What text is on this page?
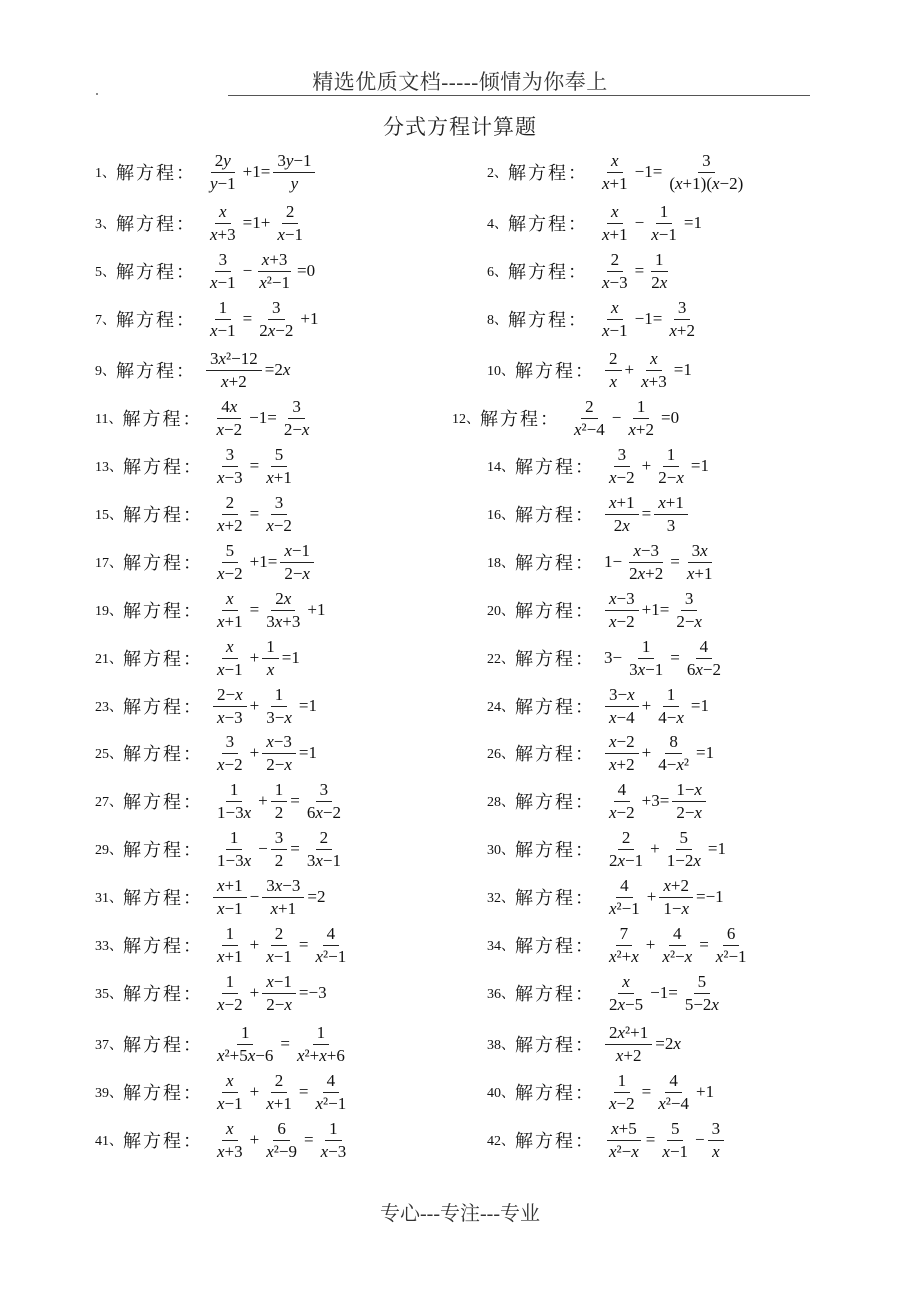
精选优质文档-----倾情为你奉上
分式方程计算题
1、 解方程： $\frac{2y}{y-1} +1= \frac{3y-1}{y}$	2、 解方程： $\frac{x}{x+1} -1= \frac{3}{(x+1)(x-2)}$
3、 解方程： $\frac{x}{x+3} =1+ \frac{2}{x-1}$	4、 解方程： $\frac{x}{x+1} - \frac{1}{x-1} =1$
5、 解方程： $\frac{3}{x-1} - \frac{x+3}{\text{x²−1}} =0$	6、 解方程： $\frac{2}{x-3} = \frac{1}{2x}$
7、 解方程： $\frac{1}{x-1} = \frac{3}{2x-2} +1$	8、 解方程： $\frac{x}{x-1} -1= \frac{3}{x+2}$
9、 解方程： $\frac{\text{3x²−12}}{x+2} =2x$	10、 解方程： $\frac{2}{x} + \frac{x}{x+3} =1$
11、 解方程： $\frac{4x}{x-2} -1= \frac{3}{2-x}$	12、 解方程： $\frac{2}{\text{x²−4}} - \frac{1}{x+2} =0$
13、 解方程： $\frac{3}{x-3} = \frac{5}{x+1}$	14、 解方程： $\frac{3}{x-2} + \frac{1}{2-x} =1$
15、 解方程： $\frac{2}{x+2} = \frac{3}{x-2}$	16、 解方程： $\frac{x+1}{2x} = \frac{x+1}{3}$
17、 解方程： $\frac{5}{x-2} +1= \frac{x-1}{2-x}$	18、 解方程： $1- \frac{x-3}{2x+2} = \frac{3x}{x+1}$
19、 解方程： $\frac{x}{x+1} = \frac{2x}{3x+3} +1$	20、 解方程： $\frac{x-3}{x-2} +1= \frac{3}{2-x}$
21、 解方程： $\frac{x}{x-1} + \frac{1}{x} =1$	22、 解方程： $3- \frac{1}{3x-1} = \frac{4}{6x-2}$
23、 解方程： $\frac{2-x}{x-3} + \frac{1}{3-x} =1$	24、 解方程： $\frac{3-x}{x-4} + \frac{1}{4-x} =1$
25、 解方程： $\frac{3}{x-2} + \frac{x-3}{2-x} =1$	26、 解方程： $\frac{x-2}{x+2} + \frac{8}{\text{4−x²}} =1$
27、 解方程： $\frac{1}{1-3x} + \frac{1}{2} = \frac{3}{6x-2}$	28、 解方程： $\frac{4}{x-2} +3= \frac{1-x}{2-x}$
29、 解方程： $\frac{1}{1-3x} - \frac{3}{2} = \frac{2}{3x-1}$	30、 解方程： $\frac{2}{2x-1} + \frac{5}{1-2x} =1$
31、 解方程： $\frac{x+1}{x-1} - \frac{3x-3}{x+1} =2$	32、 解方程： $\frac{4}{\text{x²−1}} + \frac{x+2}{1-x} =-1$
33、 解方程： $\frac{1}{x+1} + \frac{2}{x-1} = \frac{4}{\text{x²−1}}$	34、 解方程： $\frac{7}{\text{x²+x}} + \frac{4}{\text{x²−x}} = \frac{6}{\text{x²−1}}$
35、 解方程： $\frac{1}{x-2} + \frac{x-1}{2-x} =-3$	36、 解方程： $\frac{x}{2x-5} -1= \frac{5}{5-2x}$
37、 解方程： $\frac{1}{\text{x²+5x−6}} = \frac{1}{\text{x²+x+6}}$	38、 解方程： $\frac{\text{2x²+1}}{x+2} =2x$
39、 解方程： $\frac{x}{x-1} + \frac{2}{x+1} = \frac{4}{\text{x²−1}}$	40、 解方程： $\frac{1}{x-2} = \frac{4}{\text{x²−4}} +1$
41、 解方程： $\frac{x}{x+3} + \frac{6}{\text{x²−9}} = \frac{1}{x-3}$	42、 解方程： $\frac{x+5}{\text{x²−x}} = \frac{5}{x-1} - \frac{3}{x}$
专心---专注---专业
